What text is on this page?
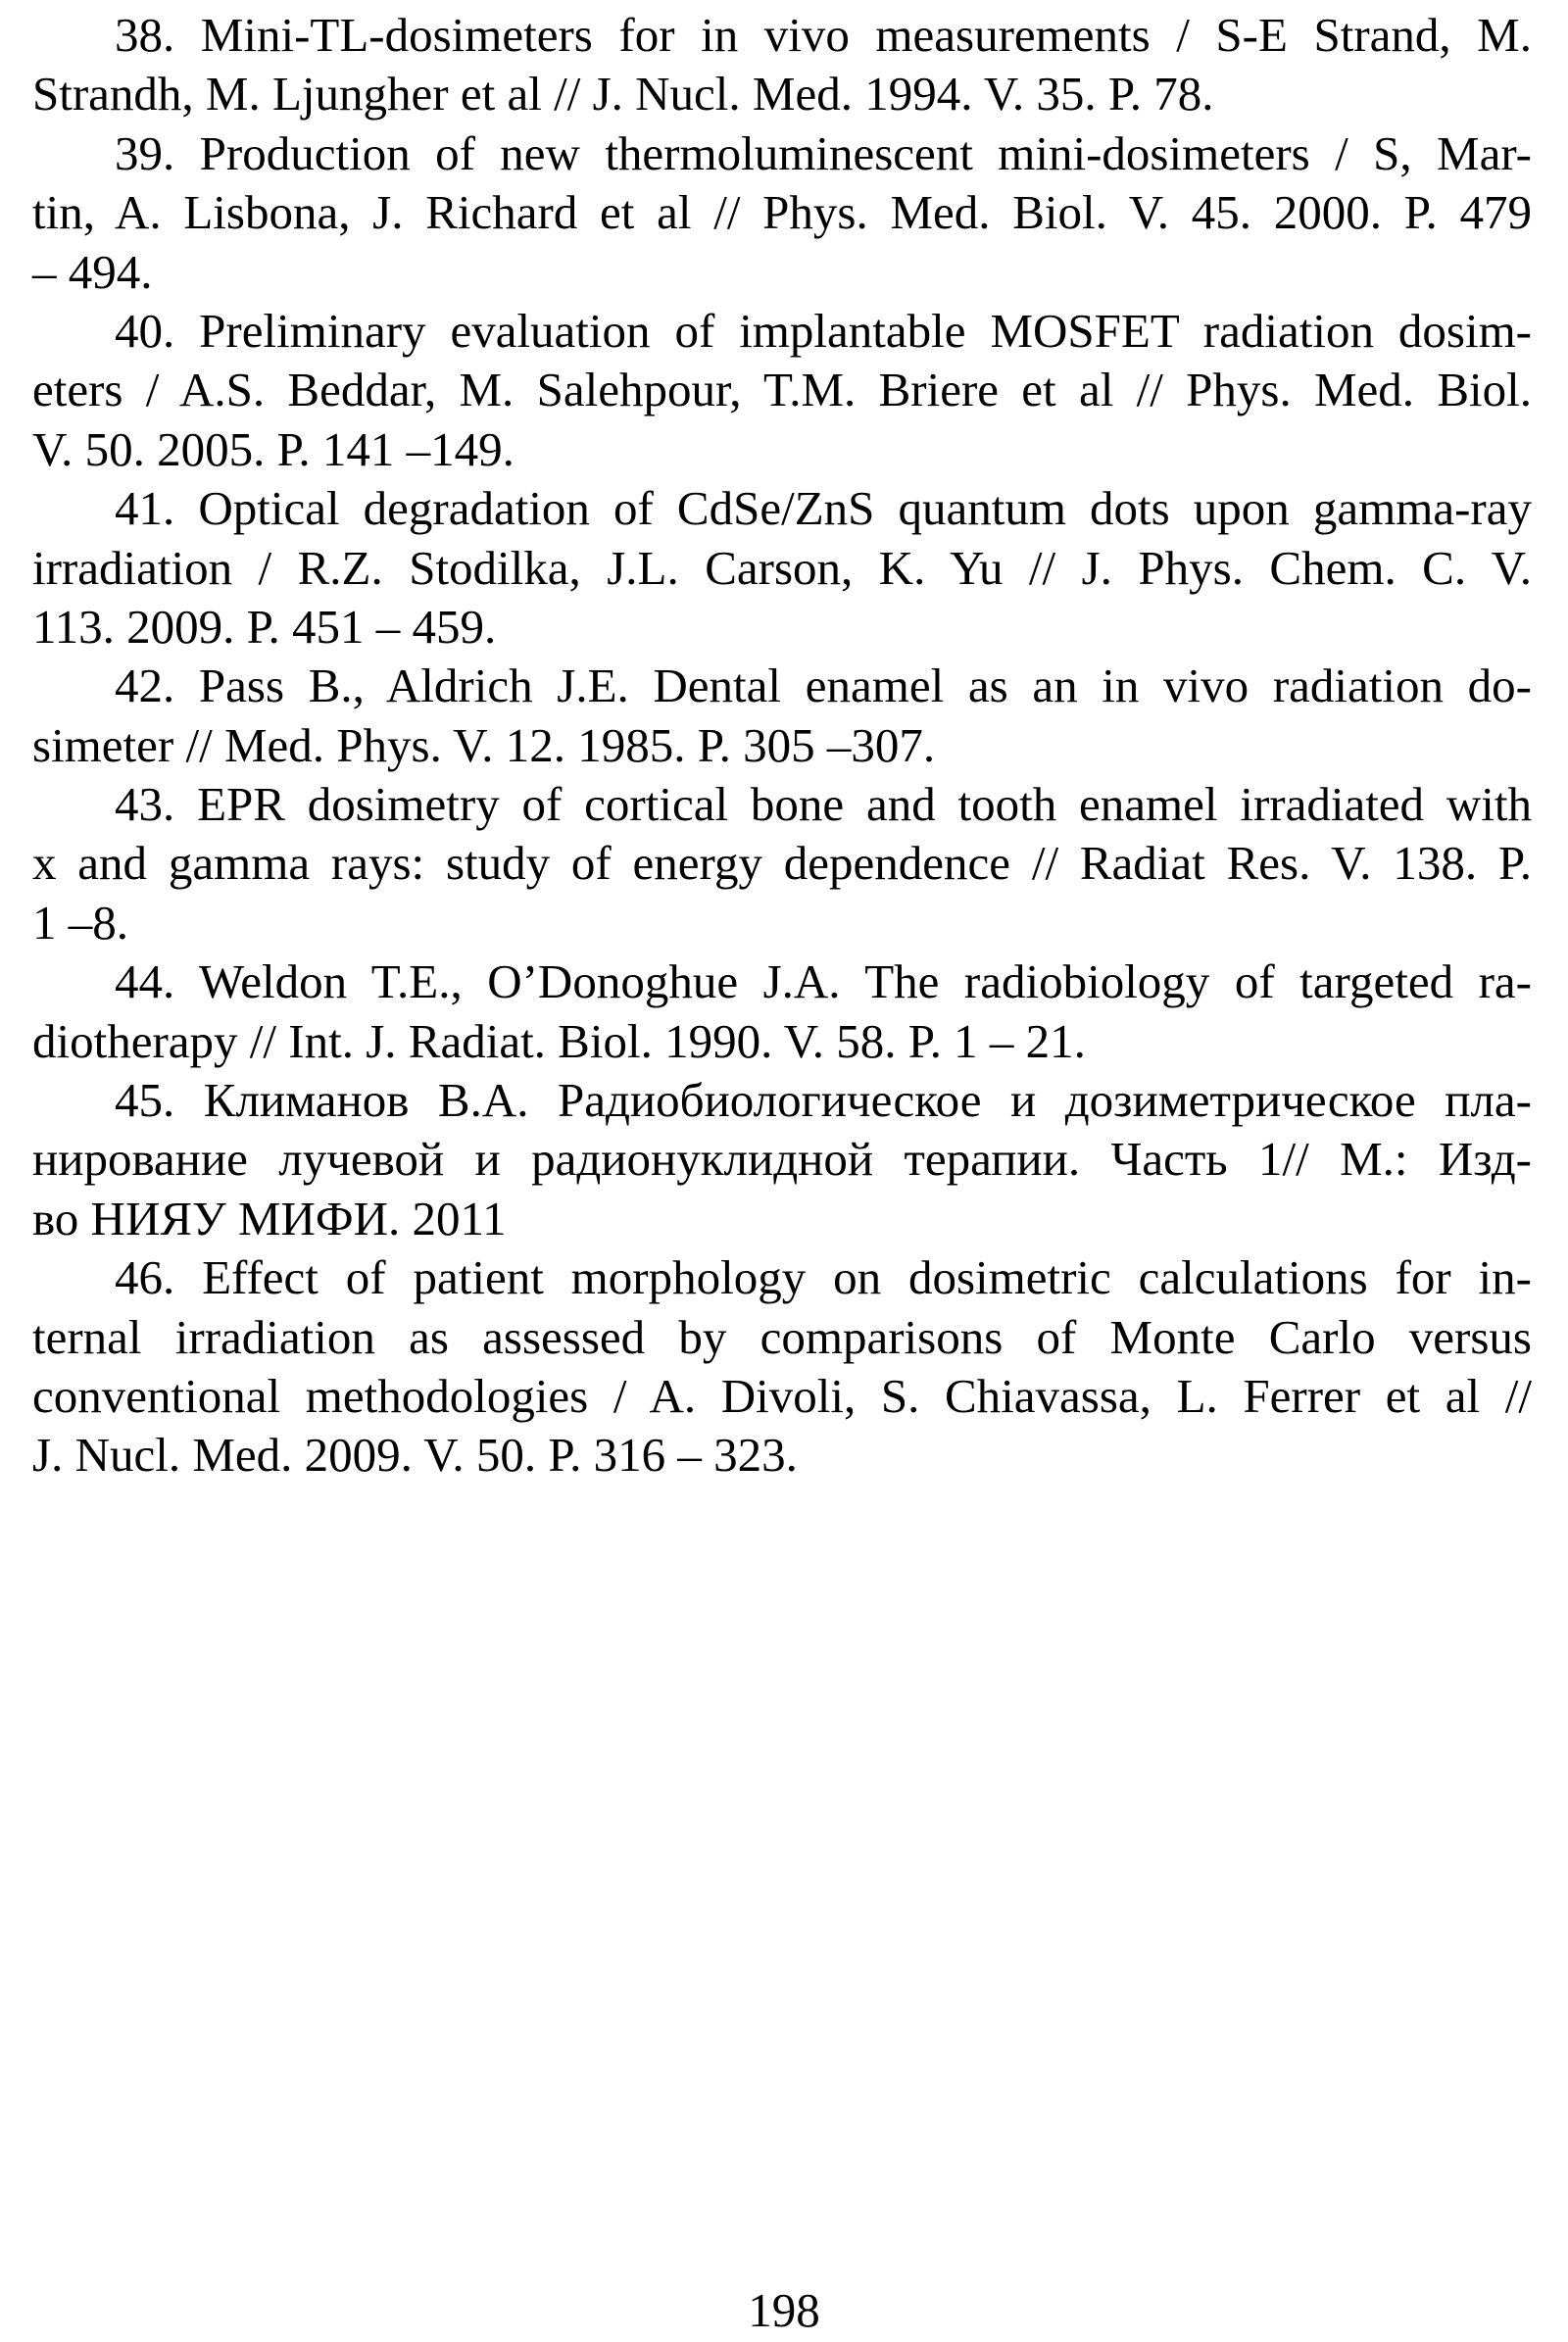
38. Mini-TL-dosimeters for in vivo measurements / S-E Strand, M.
Strandh, M. Ljungher et al // J. Nucl. Med. 1994. V. 35. P. 78.
39. Production of new thermoluminescent mini-dosimeters / S, Mar-
tin, A. Lisbona, J. Richard et al // Phys. Med. Biol. V. 45. 2000. P. 479
– 494.
40. Preliminary evaluation of implantable MOSFET radiation dosim-
eters / A.S. Beddar, M. Salehpour, T.M. Briere et al // Phys. Med. Biol.
V. 50. 2005. P. 141 –149.
41. Optical degradation of CdSe/ZnS quantum dots upon gamma-ray
irradiation / R.Z. Stodilka, J.L. Carson, K. Yu // J. Phys. Chem. C. V.
113. 2009. P. 451 – 459.
42. Pass B., Aldrich J.E. Dental enamel as an in vivo radiation do-
simeter // Med. Phys. V. 12. 1985. P. 305 –307.
43. EPR dosimetry of cortical bone and tooth enamel irradiated with
x and gamma rays: study of energy dependence // Radiat Res. V. 138. P.
1 –8.
44. Weldon T.E., O’Donoghue J.A. The radiobiology of targeted ra-
diotherapy // Int. J. Radiat. Biol. 1990. V. 58. P. 1 – 21.
45. Климанов В.А. Радиобиологическое и дозиметрическое пла-
нирование лучевой и радионуклидной терапии. Часть 1// М.: Изд-
во НИЯУ МИФИ. 2011
46. Effect of patient morphology on dosimetric calculations for in-
ternal irradiation as assessed by comparisons of Monte Carlo versus
conventional methodologies / A. Divoli, S. Chiavassa, L. Ferrer et al //
J. Nucl. Med. 2009. V. 50. P. 316 – 323.
198
